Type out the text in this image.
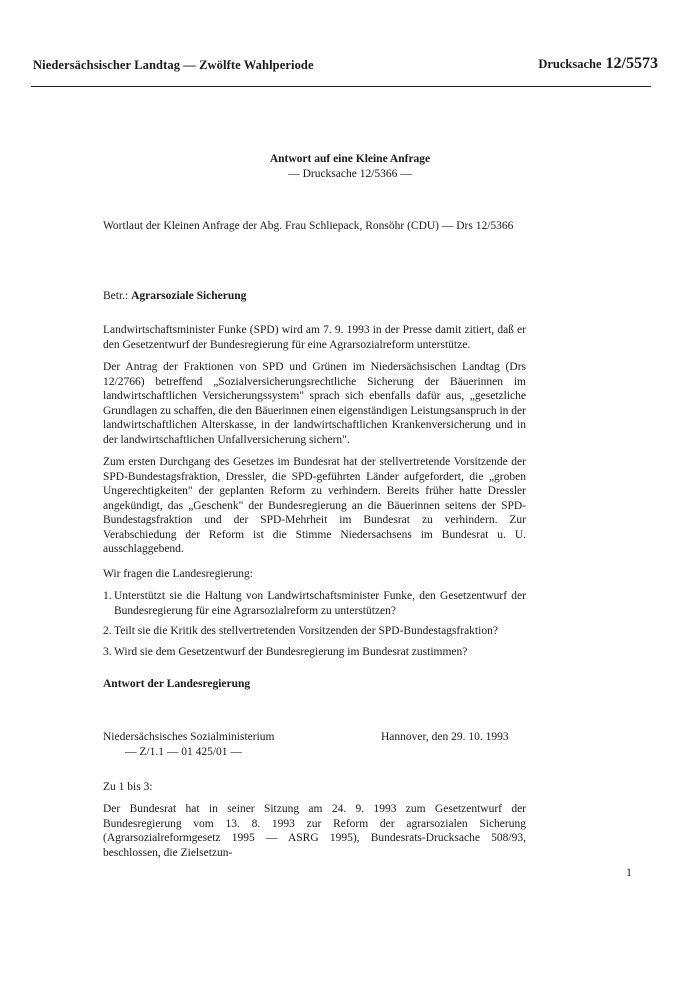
Niedersächsischer Landtag — Zwölfte Wahlperiode	Drucksache 12/5573
Antwort auf eine Kleine Anfrage
— Drucksache 12/5366 —
Wortlaut der Kleinen Anfrage der Abg. Frau Schliepack, Ronsöhr (CDU) — Drs 12/5366
Betr.: Agrarsoziale Sicherung

Landwirtschaftsminister Funke (SPD) wird am 7. 9. 1993 in der Presse damit zitiert, daß er den Gesetzentwurf der Bundesregierung für eine Agrarsozialreform unterstütze.

Der Antrag der Fraktionen von SPD und Grünen im Niedersächsischen Landtag (Drs 12/2766) betreffend „Sozialversicherungsrechtliche Sicherung der Bäuerinnen im landwirtschaftlichen Versicherungssystem" sprach sich ebenfalls dafür aus, „gesetzliche Grundlagen zu schaffen, die den Bäuerinnen einen eigenständigen Leistungsanspruch in der landwirtschaftlichen Alterskasse, in der landwirtschaftlichen Krankenversicherung und in der landwirtschaftlichen Unfallversicherung sichern".

Zum ersten Durchgang des Gesetzes im Bundesrat hat der stellvertretende Vorsitzende der SPD-Bundestagsfraktion, Dressler, die SPD-geführten Länder aufgefordert, die „groben Ungerechtigkeiten" der geplanten Reform zu verhindern. Bereits früher hatte Dressler angekündigt, das „Geschenk" der Bundesregierung an die Bäuerinnen seitens der SPD-Bundestagsfraktion und der SPD-Mehrheit im Bundesrat zu verhindern. Zur Verabschiedung der Reform ist die Stimme Niedersachsens im Bundesrat u. U. ausschlaggebend.

Wir fragen die Landesregierung:

1. Unterstützt sie die Haltung von Landwirtschaftsminister Funke, den Gesetzentwurf der Bundesregierung für eine Agrarsozialreform zu unterstützen?
2. Teilt sie die Kritik des stellvertretenden Vorsitzenden der SPD-Bundestagsfraktion?
3. Wird sie dem Gesetzentwurf der Bundesregierung im Bundesrat zustimmen?
Antwort der Landesregierung
Niedersächsisches Sozialministerium
— Z/1.1 — 01 425/01 —
Hannover, den 29. 10. 1993
Zu 1 bis 3:
Der Bundesrat hat in seiner Sitzung am 24. 9. 1993 zum Gesetzentwurf der Bundesregierung vom 13. 8. 1993 zur Reform der agrarsozialen Sicherung (Agrarsozialreformgesetz 1995 — ASRG 1995), Bundesrats-Drucksache 508/93, beschlossen, die Zielsetzun-
1
